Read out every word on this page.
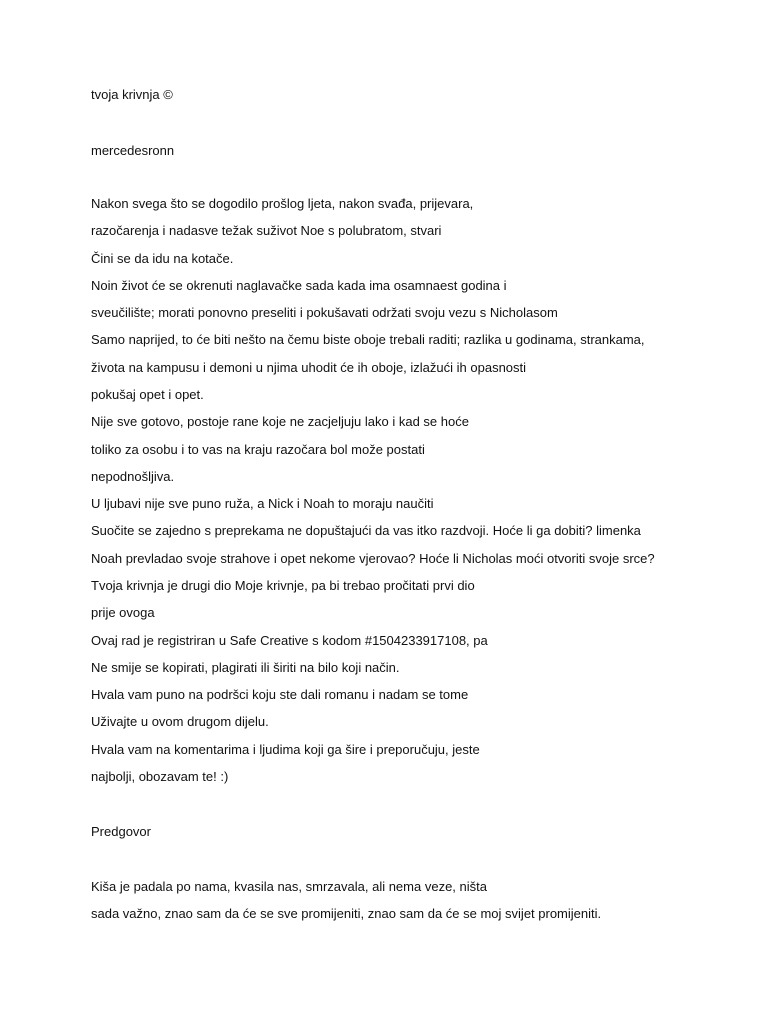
tvoja krivnja ©
mercedesronn
Nakon svega što se dogodilo prošlog ljeta, nakon svađa, prijevara,
razočarenja i nadasve težak suživot Noe s polubratom, stvari
Čini se da idu na kotače.
Noin život će se okrenuti naglavačke sada kada ima osamnaest godina i
sveučilište; morati ponovno preseliti i pokušavati održati svoju vezu s Nicholasom
Samo naprijed, to će biti nešto na čemu biste oboje trebali raditi; razlika u godinama, strankama,
života na kampusu i demoni u njima uhodit će ih oboje, izlažući ih opasnosti
pokušaj opet i opet.
Nije sve gotovo, postoje rane koje ne zacjeljuju lako i kad se hoće
toliko za osobu i to vas na kraju razočara bol može postati
nepodnošljiva.
U ljubavi nije sve puno ruža, a Nick i Noah to moraju naučiti
Suočite se zajedno s preprekama ne dopuštajući da vas itko razdvoji. Hoće li ga dobiti? limenka
Noah prevladao svoje strahove i opet nekome vjerovao? Hoće li Nicholas moći otvoriti svoje srce?
Tvoja krivnja je drugi dio Moje krivnje, pa bi trebao pročitati prvi dio
prije ovoga
Ovaj rad je registriran u Safe Creative s kodom #1504233917108, pa
Ne smije se kopirati, plagirati ili širiti na bilo koji način.
Hvala vam puno na podršci koju ste dali romanu i nadam se tome
Uživajte u ovom drugom dijelu.
Hvala vam na komentarima i ljudima koji ga šire i preporučuju, jeste
najbolji, obozavam te! :)
Predgovor
Kiša je padala po nama, kvasila nas, smrzavala, ali nema veze, ništa
sada važno, znao sam da će se sve promijeniti, znao sam da će se moj svijet promijeniti.
